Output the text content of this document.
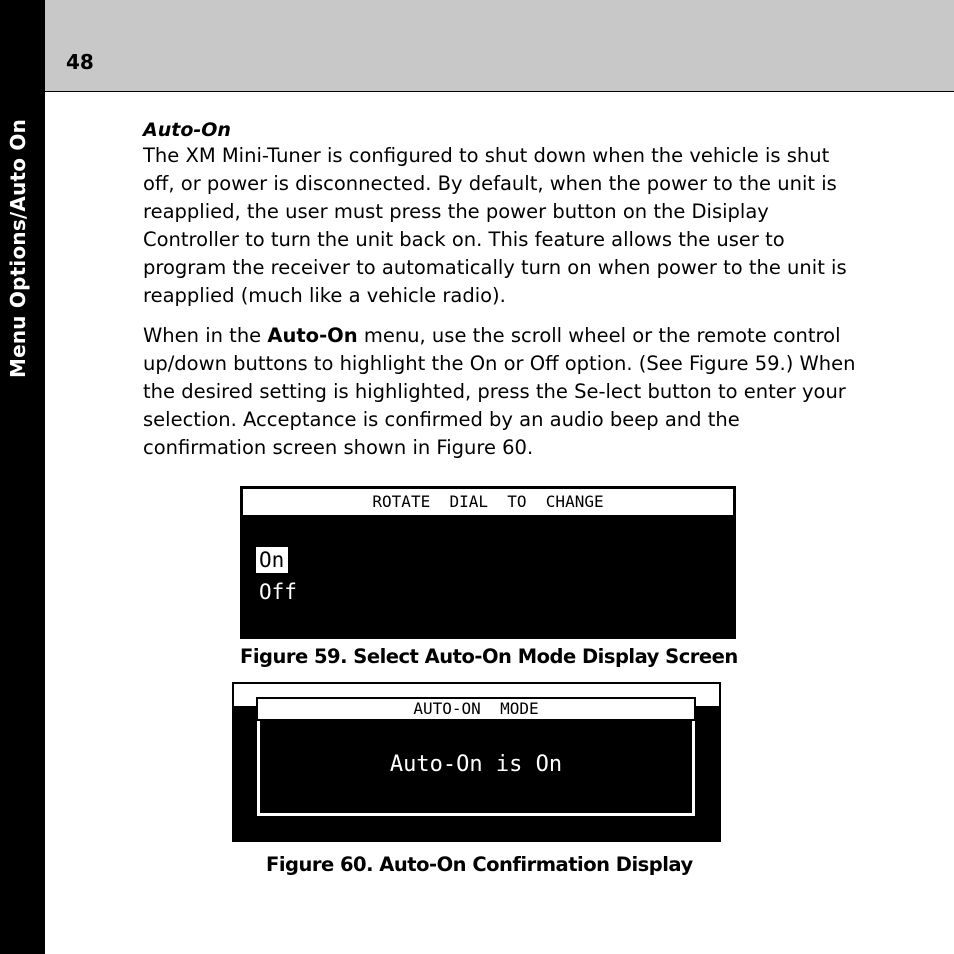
Menu Options/Auto On
48

Auto-On

The XM Mini-Tuner is configured to shut down when the vehicle is shut off, or power is disconnected. By default, when the power to the unit is reapplied, the user must press the power button on the Disiplay Controller to turn the unit back on. This feature allows the user to program the receiver to automatically turn on when power to the unit is reapplied (much like a vehicle radio).

When in the Auto-On menu, use the scroll wheel or the remote control up/down buttons to highlight the On or Off option. (See Figure 59.) When the desired setting is highlighted, press the Se-lect button to enter your selection. Acceptance is confirmed by an audio beep and the confirmation screen shown in Figure 60.

ROTATE  DIAL  TO  CHANGE
On
Off
Figure 59. Select Auto-On Mode Display Screen
AUTO-ON  MODE
Auto-On is On
Figure 60. Auto-On Confirmation Display
